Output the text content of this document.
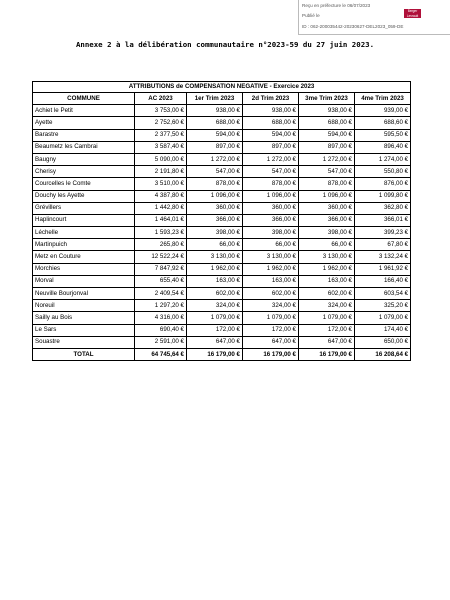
Reçu en préfecture le 06/07/2023
Berger Levrault
Publié le
ID : 062-200035442-20230627-DEL2023_059-DE
Annexe 2 à la délibération communautaire n°2023-59 du 27 juin 2023.
ATTRIBUTIONS de COMPENSATION NEGATIVE - Exercice 2023					
COMMUNE	AC 2023	1er Trim 2023	2d Trim 2023	3me Trim 2023	4me Trim 2023
Achiet le Petit	3 753,00 €	938,00 €	938,00 €	938,00 €	939,00 €
Ayette	2 752,60 €	688,00 €	688,00 €	688,00 €	688,60 €
Barastre	2 377,50 €	594,00 €	594,00 €	594,00 €	595,50 €
Beaumetz les Cambrai	3 587,40 €	897,00 €	897,00 €	897,00 €	896,40 €
Baugny	5 090,00 €	1 272,00 €	1 272,00 €	1 272,00 €	1 274,00 €
Cherisy	2 191,80 €	547,00 €	547,00 €	547,00 €	550,80 €
Courcelles le Comte	3 510,00 €	878,00 €	878,00 €	878,00 €	876,00 €
Douchy les Ayette	4 387,80 €	1 096,00 €	1 096,00 €	1 096,00 €	1 099,80 €
Grévillers	1 442,80 €	360,00 €	360,00 €	360,00 €	362,80 €
Haplincourt	1 464,01 €	366,00 €	366,00 €	366,00 €	366,01 €
Léchelle	1 593,23 €	398,00 €	398,00 €	398,00 €	399,23 €
Martinpuich	265,80 €	66,00 €	66,00 €	66,00 €	67,80 €
Metz en Couture	12 522,24 €	3 130,00 €	3 130,00 €	3 130,00 €	3 132,24 €
Morchies	7 847,92 €	1 962,00 €	1 962,00 €	1 962,00 €	1 961,92 €
Morval	655,40 €	163,00 €	163,00 €	163,00 €	166,40 €
Neuville Bourjonval	2 409,54 €	602,00 €	602,00 €	602,00 €	603,54 €
Noreuil	1 297,20 €	324,00 €	324,00 €	324,00 €	325,20 €
Sailly au Bois	4 316,00 €	1 079,00 €	1 079,00 €	1 079,00 €	1 079,00 €
Le Sars	690,40 €	172,00 €	172,00 €	172,00 €	174,40 €
Souastre	2 591,00 €	647,00 €	647,00 €	647,00 €	650,00 €
TOTAL	64 745,64 €	16 179,00 €	16 179,00 €	16 179,00 €	16 208,64 €
